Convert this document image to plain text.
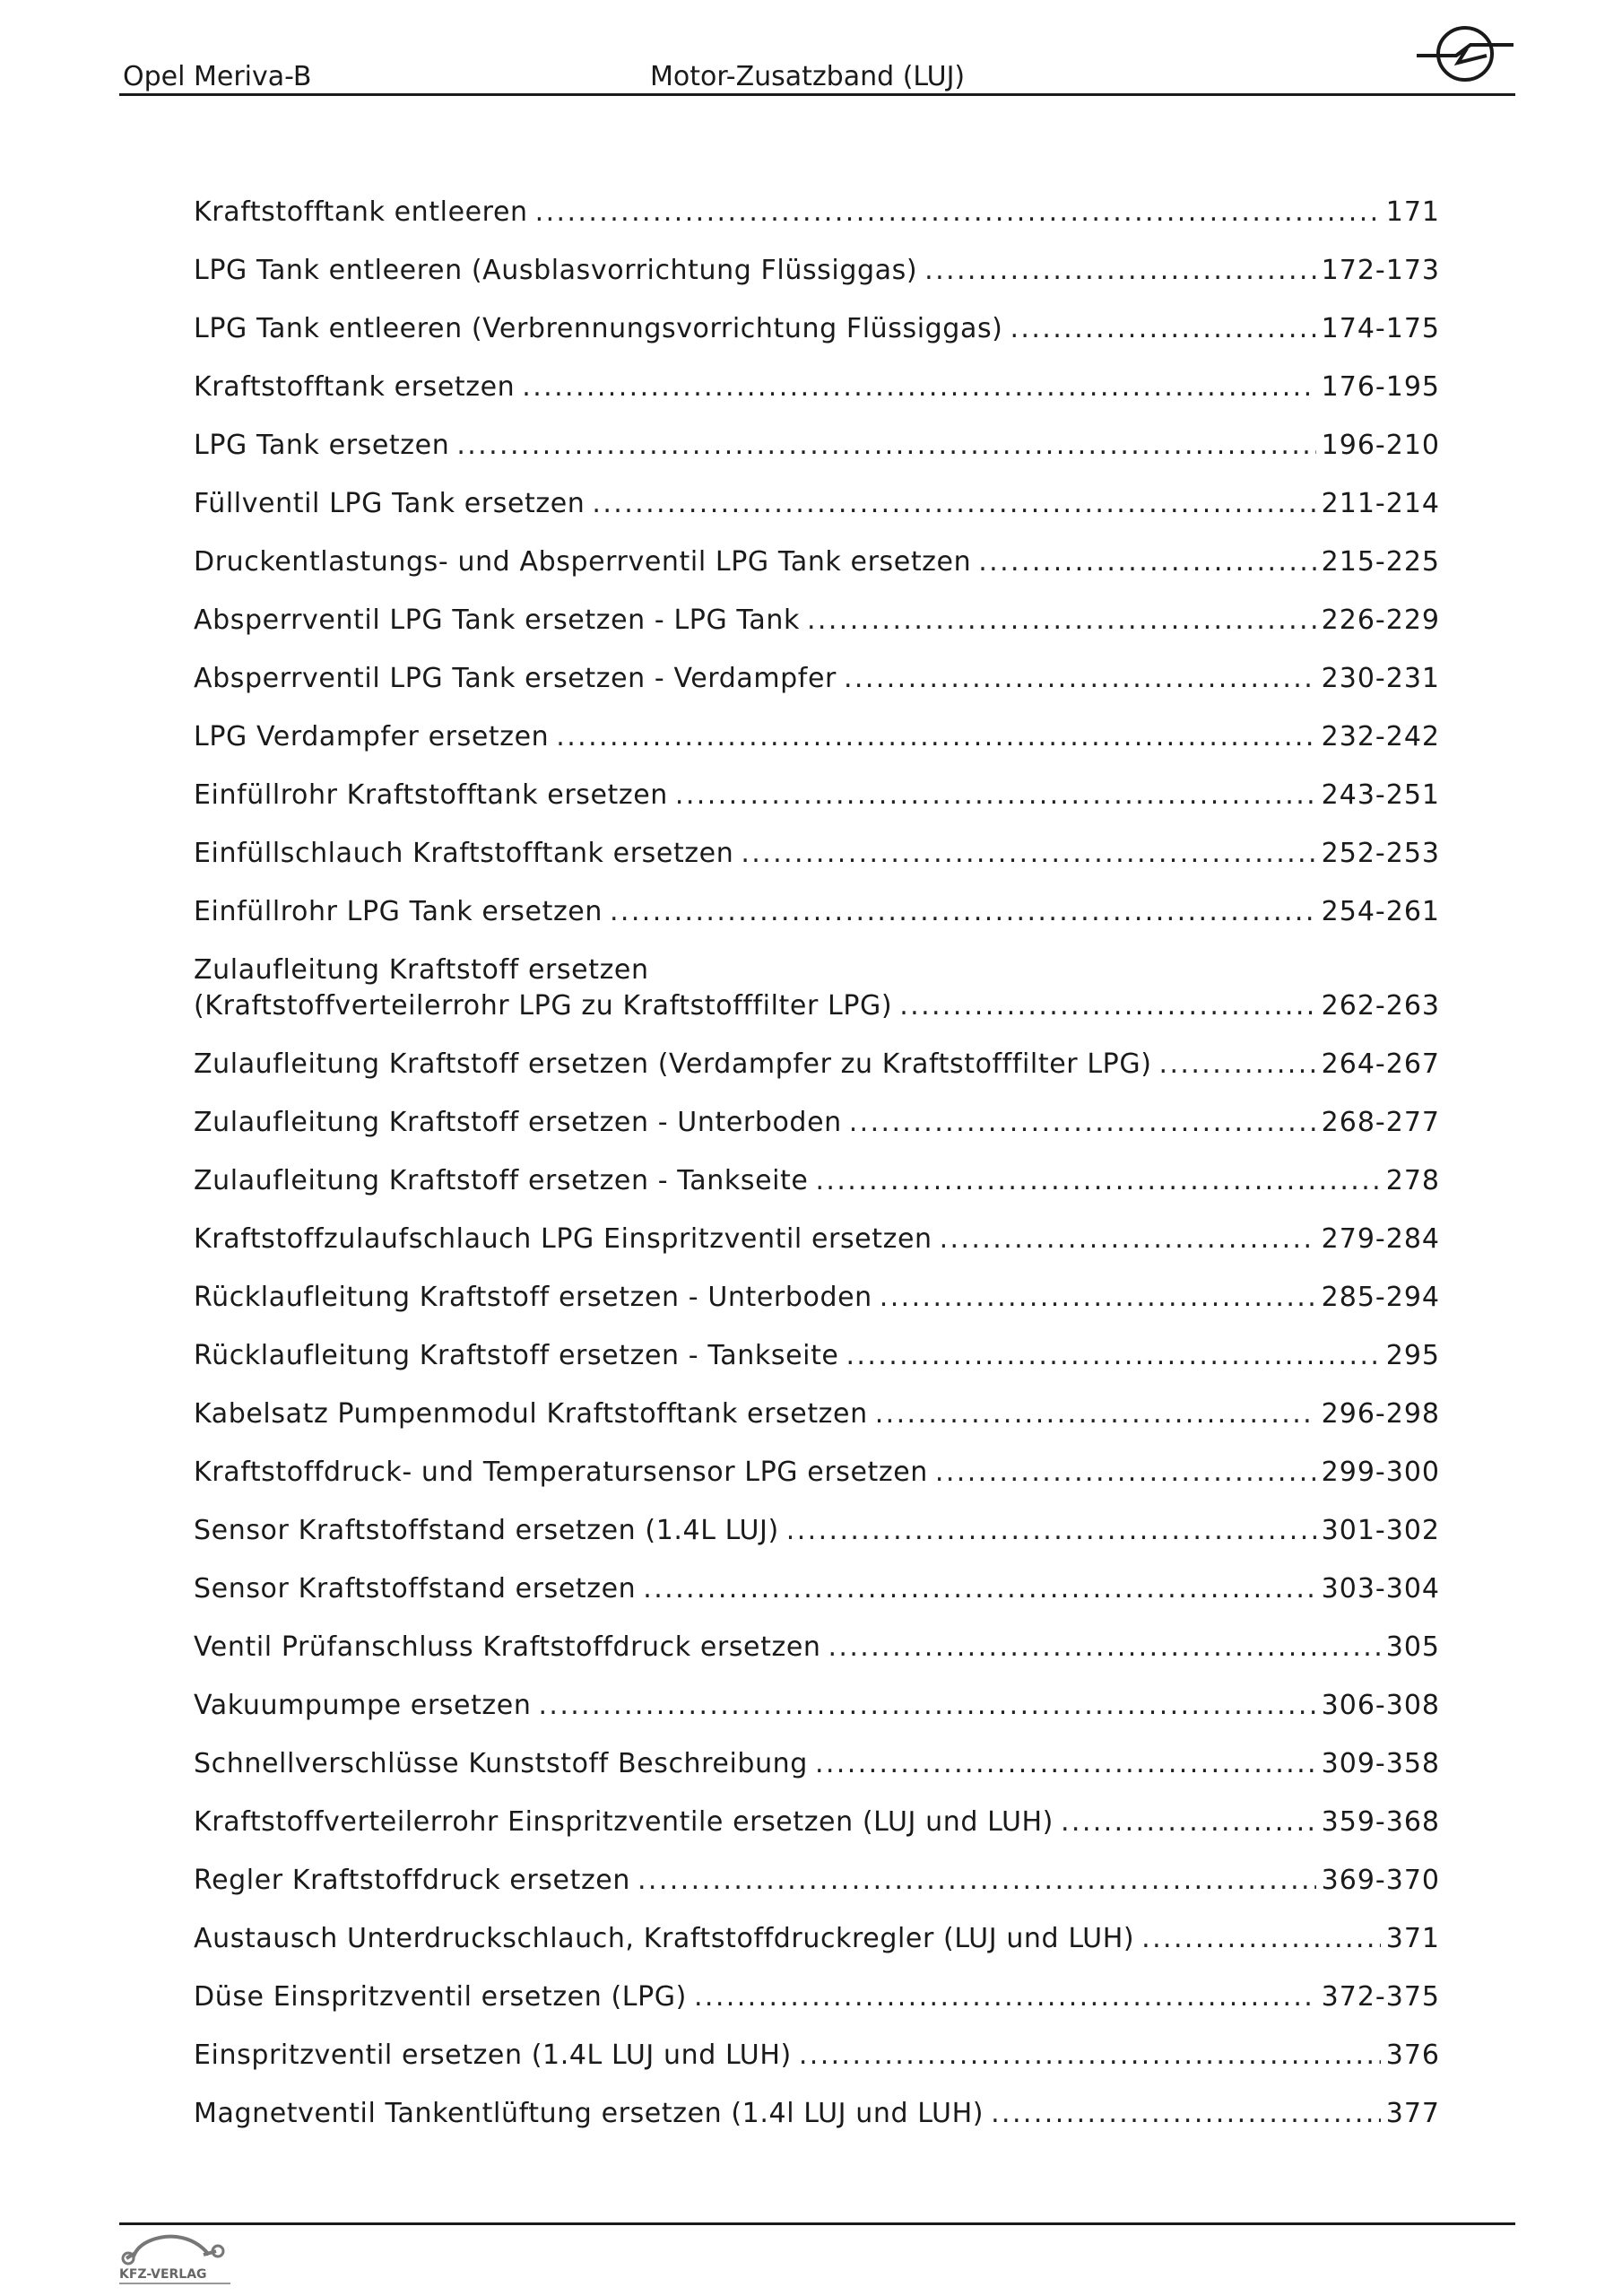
Opel Meriva-B	Motor-Zusatzband (LUJ)
Kraftstofftank entleeren .....	171
LPG Tank entleeren (Ausblasvorrichtung Flüssiggas) .....	172-173
LPG Tank entleeren (Verbrennungsvorrichtung Flüssiggas) .....	174-175
Kraftstofftank ersetzen .....	176-195
LPG Tank ersetzen .....	196-210
Füllventil LPG Tank ersetzen .....	211-214
Druckentlastungs- und Absperrventil LPG Tank ersetzen .....	215-225
Absperrventil LPG Tank ersetzen - LPG Tank .....	226-229
Absperrventil LPG Tank ersetzen - Verdampfer .....	230-231
LPG Verdampfer ersetzen .....	232-242
Einfüllrohr Kraftstofftank ersetzen .....	243-251
Einfüllschlauch Kraftstofftank ersetzen .....	252-253
Einfüllrohr LPG Tank ersetzen .....	254-261
Zulaufleitung Kraftstoff ersetzen
(Kraftstoffverteilerrohr LPG zu Kraftstofffilter LPG) .....	262-263
Zulaufleitung Kraftstoff ersetzen (Verdampfer zu Kraftstofffilter LPG) .....	264-267
Zulaufleitung Kraftstoff ersetzen - Unterboden .....	268-277
Zulaufleitung Kraftstoff ersetzen - Tankseite .....	278
Kraftstoffzulaufschlauch LPG Einspritzventil ersetzen .....	279-284
Rücklaufleitung Kraftstoff ersetzen - Unterboden .....	285-294
Rücklaufleitung Kraftstoff ersetzen - Tankseite .....	295
Kabelsatz Pumpenmodul Kraftstofftank ersetzen .....	296-298
Kraftstoffdruck- und Temperatursensor LPG ersetzen .....	299-300
Sensor Kraftstoffstand ersetzen (1.4L LUJ) .....	301-302
Sensor Kraftstoffstand ersetzen .....	303-304
Ventil Prüfanschluss Kraftstoffdruck ersetzen .....	305
Vakuumpumpe ersetzen .....	306-308
Schnellverschlüsse Kunststoff Beschreibung .....	309-358
Kraftstoffverteilerrohr Einspritzventile ersetzen (LUJ und LUH) .....	359-368
Regler Kraftstoffdruck ersetzen .....	369-370
Austausch Unterdruckschlauch, Kraftstoffdruckregler (LUJ und LUH) .....	371
Düse Einspritzventil ersetzen (LPG) .....	372-375
Einspritzventil ersetzen (1.4L LUJ und LUH) .....	376
Magnetventil Tankentlüftung ersetzen (1.4l LUJ und LUH) .....	377
KFZ-VERLAG
